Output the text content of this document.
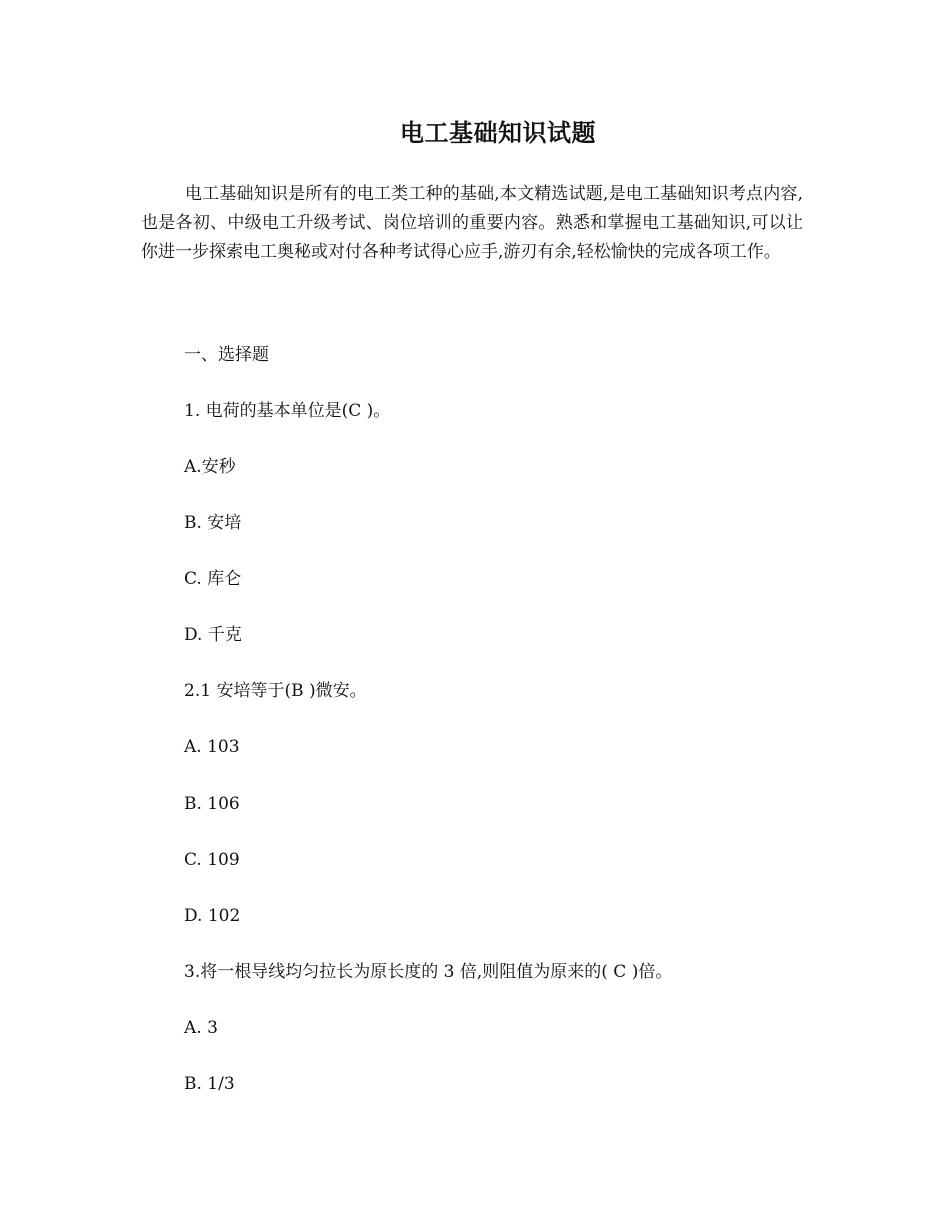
电工基础知识试题

电工基础知识是所有的电工类工种的基础,本文精选试题,是电工基础知识考点内容,也是各初、中级电工升级考试、岗位培训的重要内容。熟悉和掌握电工基础知识,可以让你进一步探索电工奥秘或对付各种考试得心应手,游刃有余,轻松愉快的完成各项工作。

一、选择题

1. 电荷的基本单位是(C )。

A.安秒

B. 安培

C. 库仑

D. 千克

2.1 安培等于(B )微安。

A. 103

B. 106

C. 109

D. 102

3.将一根导线均匀拉长为原长度的 3 倍,则阻值为原来的( C )倍。

A. 3

B. 1/3
